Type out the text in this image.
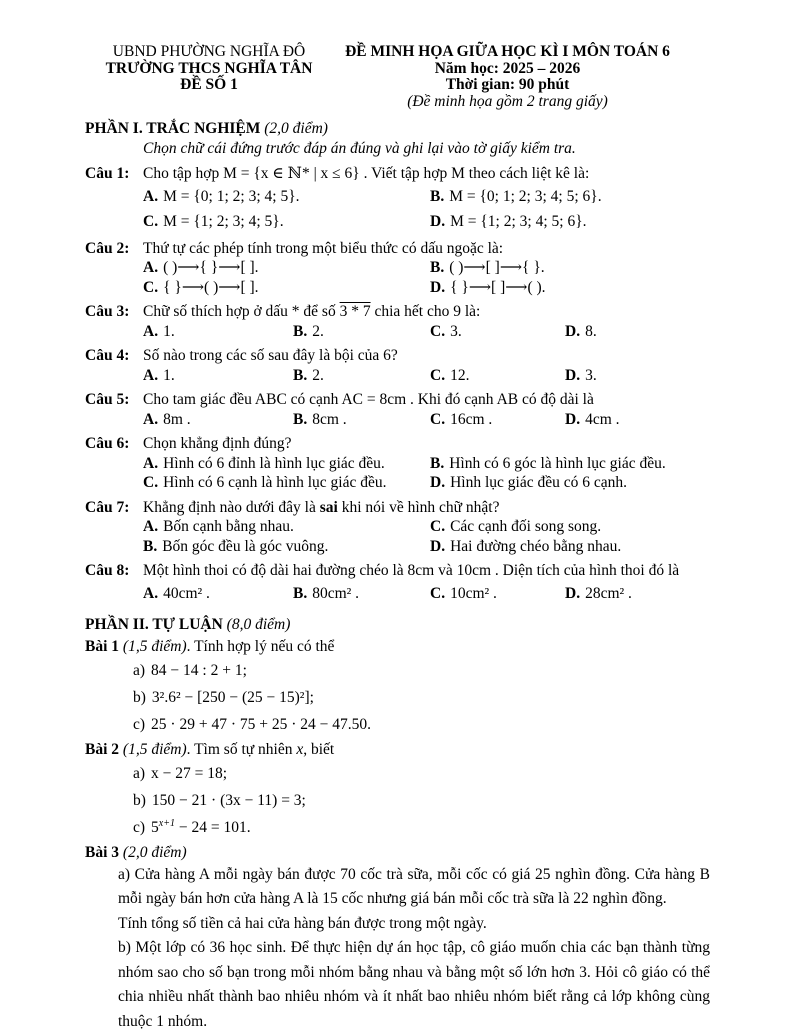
UBND PHƯỜNG NGHĨA ĐÔ
TRƯỜNG THCS NGHĨA TÂN
ĐỀ SỐ 1
ĐỀ MINH HỌA GIỮA HỌC KÌ I MÔN TOÁN 6
Năm học: 2025 – 2026
Thời gian: 90 phút
(Đề minh họa gồm 2 trang giấy)
PHẦN I. TRẮC NGHIỆM (2,0 điểm)
Chọn chữ cái đứng trước đáp án đúng và ghi lại vào tờ giấy kiểm tra.
Câu 1: Cho tập hợp M = {x ∈ ℕ* | x ≤ 6} . Viết tập hợp M theo cách liệt kê là:
A. M = {0; 1; 2; 3; 4; 5}.	B. M = {0; 1; 2; 3; 4; 5; 6}.
C. M = {1; 2; 3; 4; 5}.	D. M = {1; 2; 3; 4; 5; 6}.
Câu 2: Thứ tự các phép tính trong một biểu thức có dấu ngoặc là:
A. ( )⟶{ }⟶[ ].	B. ( )⟶[ ]⟶{ }.
C. { }⟶( )⟶[ ].	D. { }⟶[ ]⟶( ).
Câu 3: Chữ số thích hợp ở dấu * để số 3 * 7 chia hết cho 9 là:
A. 1.	B. 2.	C. 3.	D. 8.
Câu 4: Số nào trong các số sau đây là bội của 6?
A. 1.	B. 2.	C. 12.	D. 3.
Câu 5: Cho tam giác đều ABC có cạnh AC = 8cm . Khi đó cạnh AB có độ dài là
A. 8m .	B. 8cm .	C. 16cm .	D. 4cm .
Câu 6: Chọn khẳng định đúng?
A. Hình có 6 đỉnh là hình lục giác đều.	B. Hình có 6 góc là hình lục giác đều.
C. Hình có 6 cạnh là hình lục giác đều.	D. Hình lục giác đều có 6 cạnh.
Câu 7: Khẳng định nào dưới đây là sai khi nói về hình chữ nhật?
A. Bốn cạnh bằng nhau.	C. Các cạnh đối song song.
B. Bốn góc đều là góc vuông.	D. Hai đường chéo bằng nhau.
Câu 8: Một hình thoi có độ dài hai đường chéo là 8cm và 10cm . Diện tích của hình thoi đó là
A. 40cm² .	B. 80cm² .	C. 10cm² .	D. 28cm² .
PHẦN II. TỰ LUẬN (8,0 điểm)
Bài 1 (1,5 điểm). Tính hợp lý nếu có thể
a) 84 − 14 : 2 + 1;
b) 3².6² − [250 − (25 − 15)²];
c) 25 · 29 + 47 · 75 + 25 · 24 − 47.50.
Bài 2 (1,5 điểm). Tìm số tự nhiên x, biết
a) x − 27 = 18;
b) 150 − 21 · (3x − 11) = 3;
c) $5^{x+1} - 24 = 101$.
Bài 3 (2,0 điểm)
a) Cửa hàng A mỗi ngày bán được 70 cốc trà sữa, mỗi cốc có giá 25 nghìn đồng. Cửa hàng B mỗi ngày bán hơn cửa hàng A là 15 cốc nhưng giá bán mỗi cốc trà sữa là 22 nghìn đồng.
Tính tổng số tiền cả hai cửa hàng bán được trong một ngày.
b) Một lớp có 36 học sinh. Để thực hiện dự án học tập, cô giáo muốn chia các bạn thành từng nhóm sao cho số bạn trong mỗi nhóm bằng nhau và bằng một số lớn hơn 3. Hỏi cô giáo có thể chia nhiều nhất thành bao nhiêu nhóm và ít nhất bao nhiêu nhóm biết rằng cả lớp không cùng thuộc 1 nhóm.
